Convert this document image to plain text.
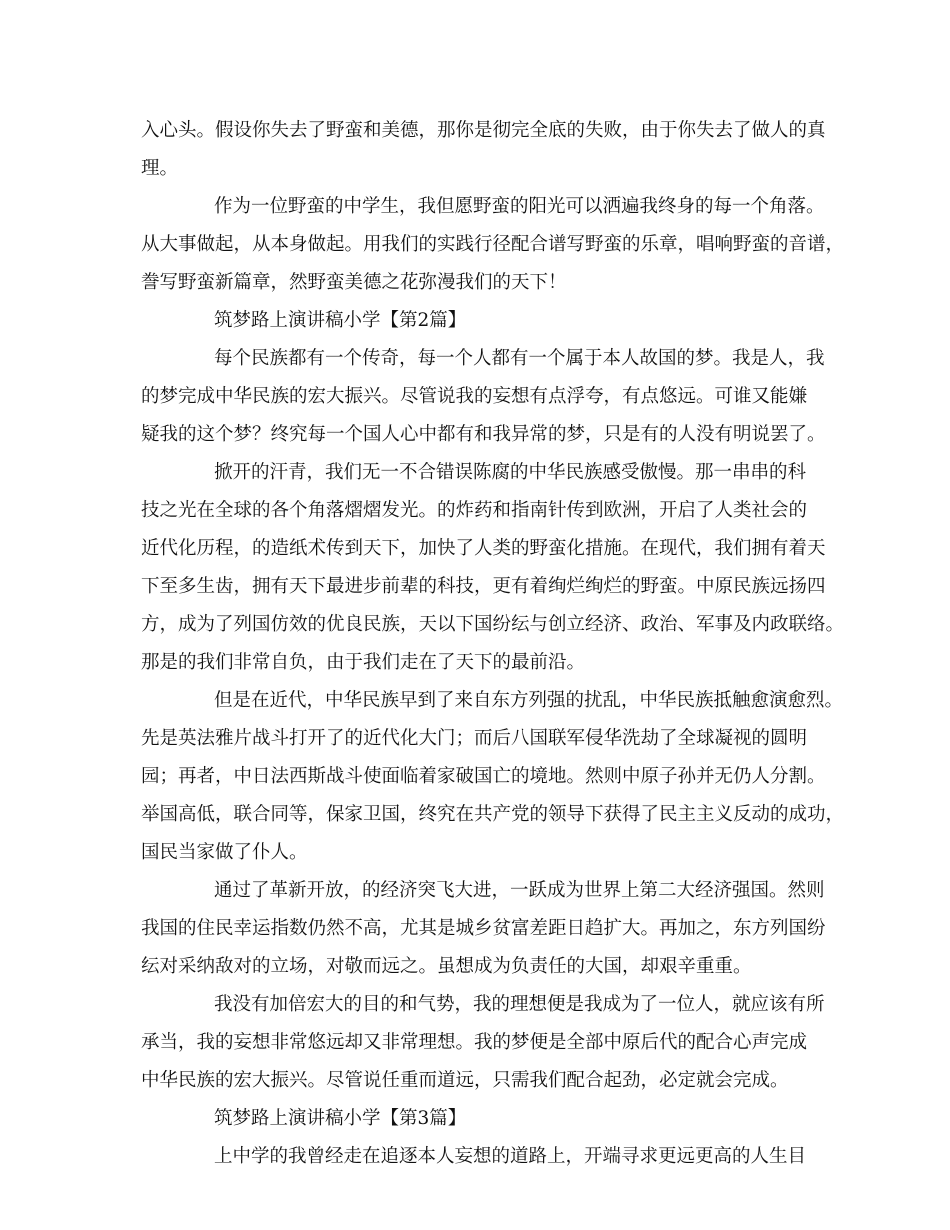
入心头。假设你失去了野蛮和美德，那你是彻完全底的失败，由于你失去了做人的真
理。
作为一位野蛮的中学生，我但愿野蛮的阳光可以洒遍我终身的每一个角落。
从大事做起，从本身做起。用我们的实践行径配合谱写野蛮的乐章，唱响野蛮的音谱，
誊写野蛮新篇章，然野蛮美德之花弥漫我们的天下！
筑梦路上演讲稿小学【第2篇】
每个民族都有一个传奇，每一个人都有一个属于本人故国的梦。我是人，我
的梦完成中华民族的宏大振兴。尽管说我的妄想有点浮夸，有点悠远。可谁又能嫌
疑我的这个梦？终究每一个国人心中都有和我异常的梦，只是有的人没有明说罢了。
掀开的汗青，我们无一不合错误陈腐的中华民族感受傲慢。那一串串的科
技之光在全球的各个角落熠熠发光。的炸药和指南针传到欧洲，开启了人类社会的
近代化历程，的造纸术传到天下，加快了人类的野蛮化措施。在现代，我们拥有着天
下至多生齿，拥有天下最进步前辈的科技，更有着绚烂绚烂的野蛮。中原民族远扬四
方，成为了列国仿效的优良民族，天以下国纷纭与创立经济、政治、军事及内政联络。
那是的我们非常自负，由于我们走在了天下的最前沿。
但是在近代，中华民族早到了来自东方列强的扰乱，中华民族抵触愈演愈烈。
先是英法雅片战斗打开了的近代化大门；而后八国联军侵华洗劫了全球凝视的圆明
园；再者，中日法西斯战斗使面临着家破国亡的境地。然则中原子孙并无仍人分割。
举国高低，联合同等，保家卫国，终究在共产党的领导下获得了民主主义反动的成功，
国民当家做了仆人。
通过了革新开放，的经济突飞大进，一跃成为世界上第二大经济强国。然则
我国的住民幸运指数仍然不高，尤其是城乡贫富差距日趋扩大。再加之，东方列国纷
纭对采纳敌对的立场，对敬而远之。虽想成为负责任的大国，却艰辛重重。
我没有加倍宏大的目的和气势，我的理想便是我成为了一位人，就应该有所
承当，我的妄想非常悠远却又非常理想。我的梦便是全部中原后代的配合心声完成
中华民族的宏大振兴。尽管说任重而道远，只需我们配合起劲，必定就会完成。
筑梦路上演讲稿小学【第3篇】
上中学的我曾经走在追逐本人妄想的道路上，开端寻求更远更高的人生目
